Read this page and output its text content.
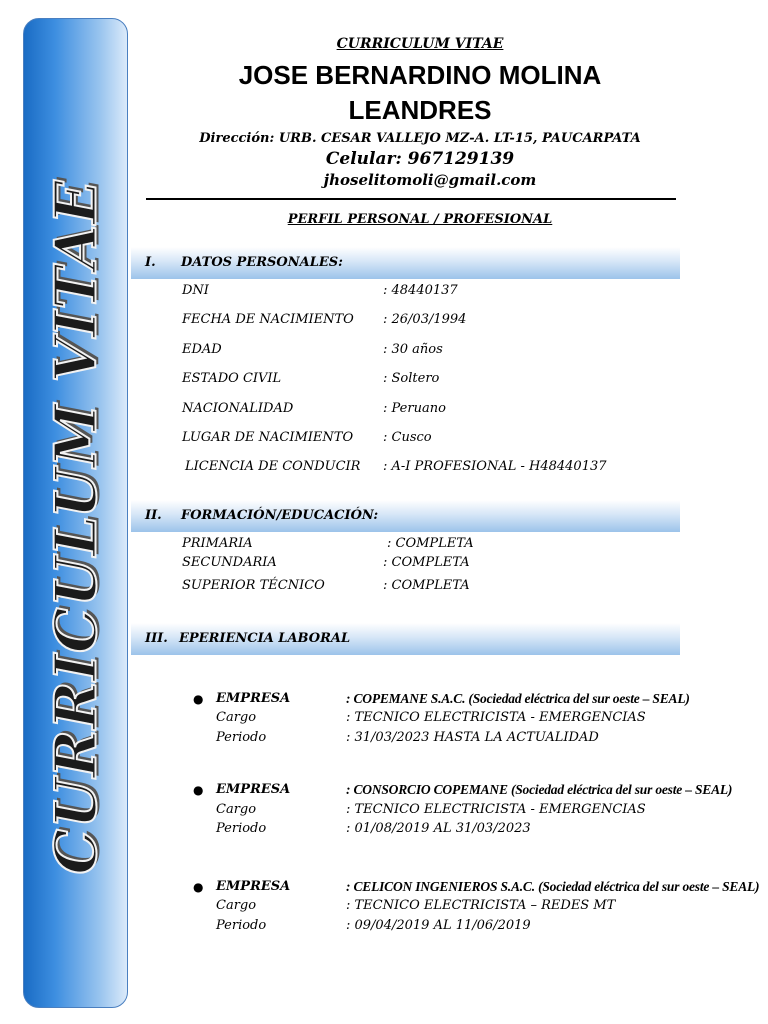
CURRICULUM VITAE
CURRICULUM VITAE
JOSE BERNARDINO MOLINA
LEANDRES
Dirección: URB. CESAR VALLEJO MZ-A. LT-15, PAUCARPATA
Celular: 967129139
jhoselitomoli@gmail.com
PERFIL PERSONAL / PROFESIONAL
I. DATOS PERSONALES:
DNI	: 48440137
FECHA DE NACIMIENTO : 26/03/1994
EDAD	: 30 años
ESTADO CIVIL	: Soltero
NACIONALIDAD	: Peruano
LUGAR DE NACIMIENTO : Cusco
LICENCIA DE CONDUCIR : A-I PROFESIONAL - H48440137
II. FORMACIÓN/EDUCACIÓN:
PRIMARIA	: COMPLETA
SECUNDARIA	: COMPLETA
SUPERIOR TÉCNICO	: COMPLETA
III. EPERIENCIA LABORAL
● EMPRESA	: COPEMANE S.A.C. (Sociedad eléctrica del sur oeste – SEAL)
Cargo	: TECNICO ELECTRICISTA - EMERGENCIAS
Periodo	: 31/03/2023 HASTA LA ACTUALIDAD
● EMPRESA	: CONSORCIO COPEMANE (Sociedad eléctrica del sur oeste – SEAL)
Cargo	: TECNICO ELECTRICISTA - EMERGENCIAS
Periodo	: 01/08/2019 AL 31/03/2023
● EMPRESA	: CELICON INGENIEROS S.A.C. (Sociedad eléctrica del sur oeste – SEAL)
Cargo	: TECNICO ELECTRICISTA – REDES MT
Periodo	: 09/04/2019 AL 11/06/2019
